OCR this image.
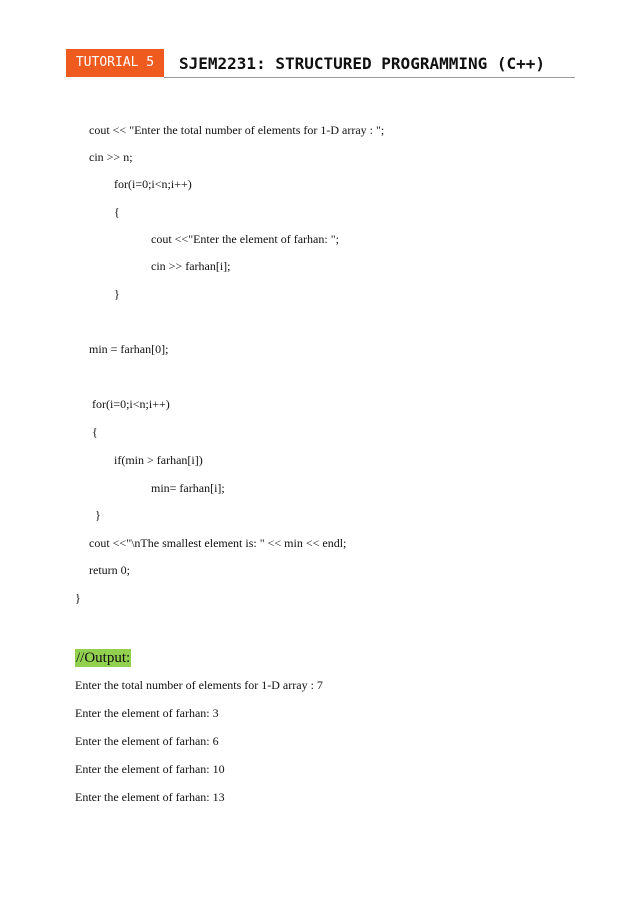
TUTORIAL 5	SJEM2231: STRUCTURED PROGRAMMING (C++)
cout << "Enter the total number of elements for 1-D array : ";
cin >> n;
for(i=0;i<n;i++)
{
cout <<"Enter the element of farhan: ";
cin >> farhan[i];
}
min = farhan[0];
for(i=0;i<n;i++)
{
if(min > farhan[i])
min= farhan[i];
}
cout <<"\nThe smallest element is: " << min << endl;
return 0;
}
//Output:
Enter the total number of elements for 1-D array : 7
Enter the element of farhan: 3
Enter the element of farhan: 6
Enter the element of farhan: 10
Enter the element of farhan: 13
